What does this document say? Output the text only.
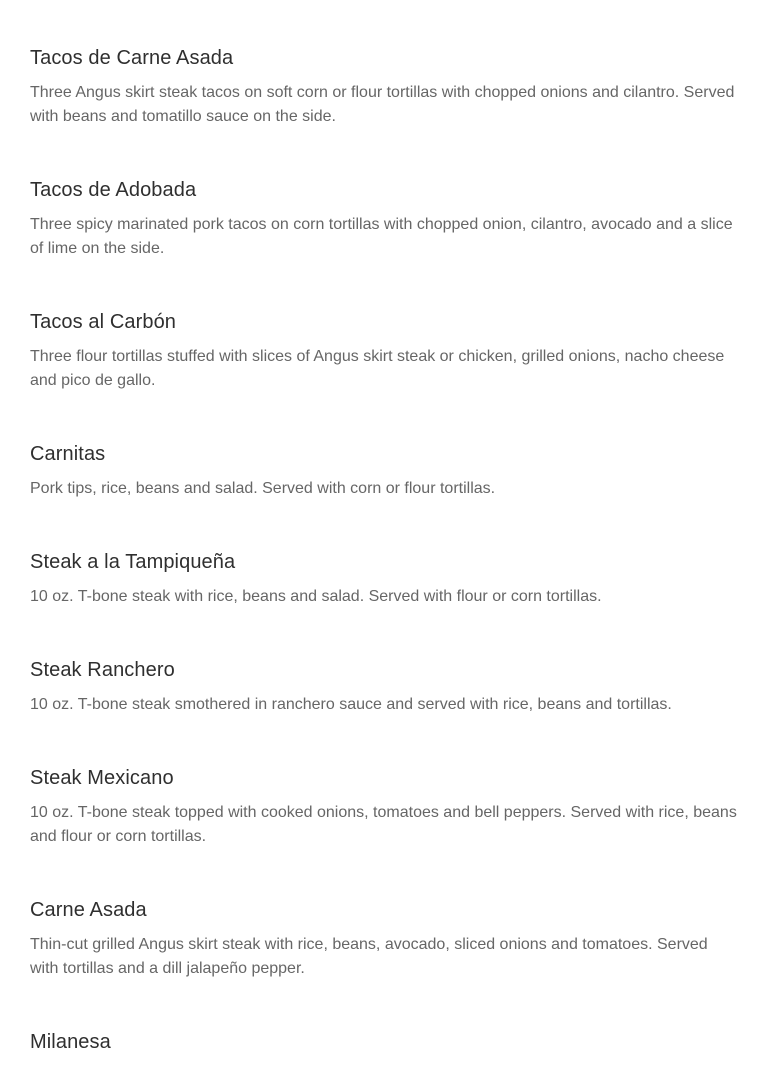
Tacos de Carne Asada

Three Angus skirt steak tacos on soft corn or flour tortillas with chopped onions and cilantro. Served with beans and tomatillo sauce on the side.

Tacos de Adobada

Three spicy marinated pork tacos on corn tortillas with chopped onion, cilantro, avocado and a slice of lime on the side.

Tacos al Carbón

Three flour tortillas stuffed with slices of Angus skirt steak or chicken, grilled onions, nacho cheese and pico de gallo.

Carnitas

Pork tips, rice, beans and salad. Served with corn or flour tortillas.

Steak a la Tampiqueña

10 oz. T-bone steak with rice, beans and salad. Served with flour or corn tortillas.

Steak Ranchero

10 oz. T-bone steak smothered in ranchero sauce and served with rice, beans and tortillas.

Steak Mexicano

10 oz. T-bone steak topped with cooked onions, tomatoes and bell peppers. Served with rice, beans and flour or corn tortillas.

Carne Asada

Thin-cut grilled Angus skirt steak with rice, beans, avocado, sliced onions and tomatoes. Served with tortillas and a dill jalapeño pepper.

Milanesa
